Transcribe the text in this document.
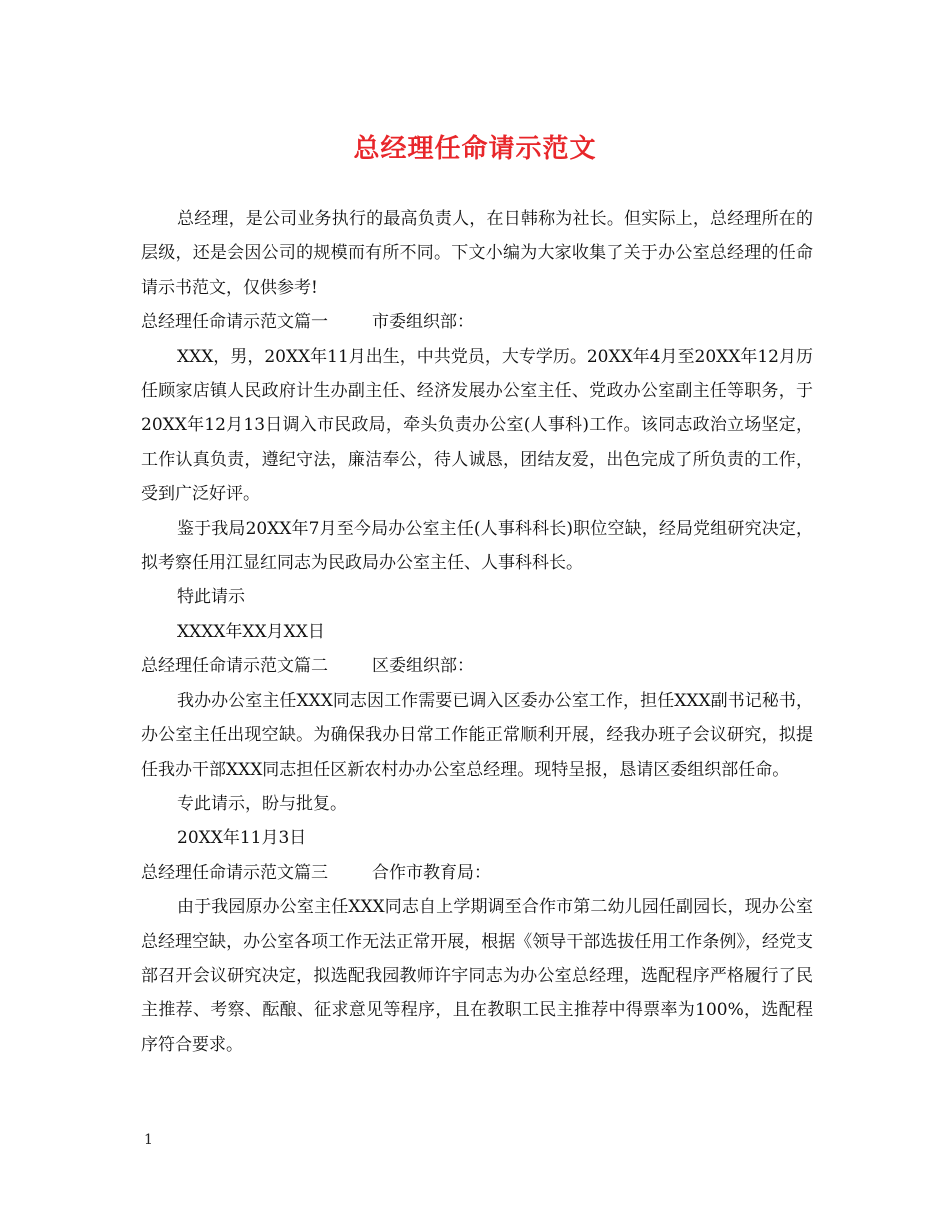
总经理任命请示范文

总经理，是公司业务执行的最高负责人，在日韩称为社长。但实际上，总经理所在的层级，还是会因公司的规模而有所不同。下文小编为大家收集了关于办公室总经理的任命请示书范文，仅供参考!

总经理任命请示范文篇一	市委组织部：

XXX，男，20XX年11月出生，中共党员，大专学历。20XX年4月至20XX年12月历任顾家店镇人民政府计生办副主任、经济发展办公室主任、党政办公室副主任等职务，于20XX年12月13日调入市民政局，牵头负责办公室(人事科)工作。该同志政治立场坚定，工作认真负责，遵纪守法，廉洁奉公，待人诚恳，团结友爱，出色完成了所负责的工作，受到广泛好评。

鉴于我局20XX年7月至今局办公室主任(人事科科长)职位空缺，经局党组研究决定，拟考察任用江显红同志为民政局办公室主任、人事科科长。

特此请示

XXXX年XX月XX日

总经理任命请示范文篇二	区委组织部：

我办办公室主任XXX同志因工作需要已调入区委办公室工作，担任XXX副书记秘书，办公室主任出现空缺。为确保我办日常工作能正常顺利开展，经我办班子会议研究，拟提任我办干部XXX同志担任区新农村办办公室总经理。现特呈报，恳请区委组织部任命。

专此请示，盼与批复。

20XX年11月3日

总经理任命请示范文篇三	合作市教育局：

由于我园原办公室主任XXX同志自上学期调至合作市第二幼儿园任副园长，现办公室总经理空缺，办公室各项工作无法正常开展，根据《领导干部选拔任用工作条例》，经党支部召开会议研究决定，拟选配我园教师许宇同志为办公室总经理，选配程序严格履行了民主推荐、考察、酝酿、征求意见等程序，且在教职工民主推荐中得票率为100%，选配程序符合要求。

1
